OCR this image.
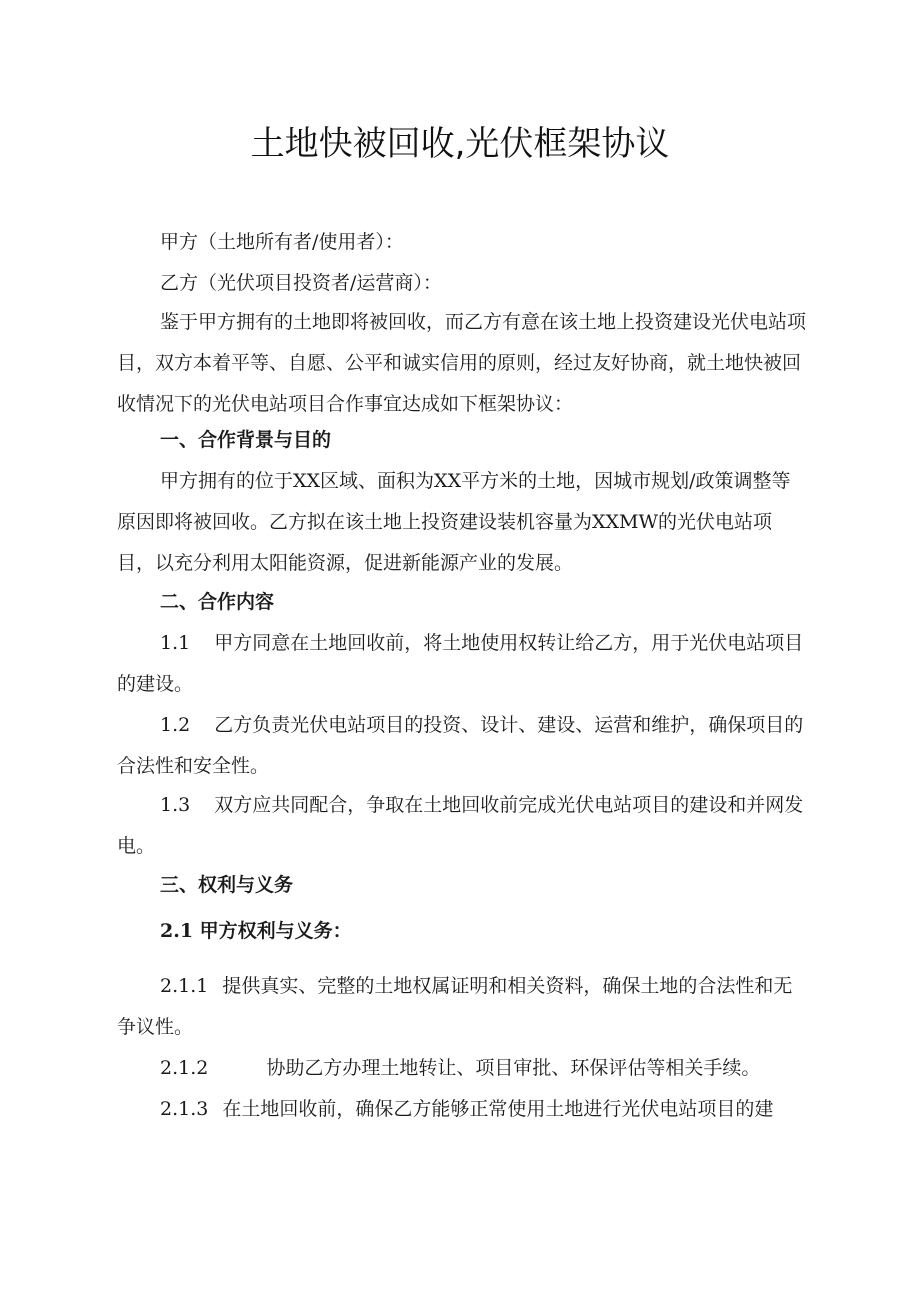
土地快被回收,光伏框架协议

甲方（土地所有者/使用者）：

乙方（光伏项目投资者/运营商）：

鉴于甲方拥有的土地即将被回收，而乙方有意在该土地上投资建设光伏电站项目，双方本着平等、自愿、公平和诚实信用的原则，经过友好协商，就土地快被回收情况下的光伏电站项目合作事宜达成如下框架协议：

一、合作背景与目的

甲方拥有的位于XX区域、面积为XX平方米的土地，因城市规划/政策调整等原因即将被回收。乙方拟在该土地上投资建设装机容量为XXMW的光伏电站项目，以充分利用太阳能资源，促进新能源产业的发展。

二、合作内容

1.1 甲方同意在土地回收前，将土地使用权转让给乙方，用于光伏电站项目的建设。

1.2 乙方负责光伏电站项目的投资、设计、建设、运营和维护，确保项目的合法性和安全性。

1.3 双方应共同配合，争取在土地回收前完成光伏电站项目的建设和并网发电。

三、权利与义务

2.1 甲方权利与义务：

2.1.1 提供真实、完整的土地权属证明和相关资料，确保土地的合法性和无争议性。

2.1.2	协助乙方办理土地转让、项目审批、环保评估等相关手续。

2.1.3 在土地回收前，确保乙方能够正常使用土地进行光伏电站项目的建
